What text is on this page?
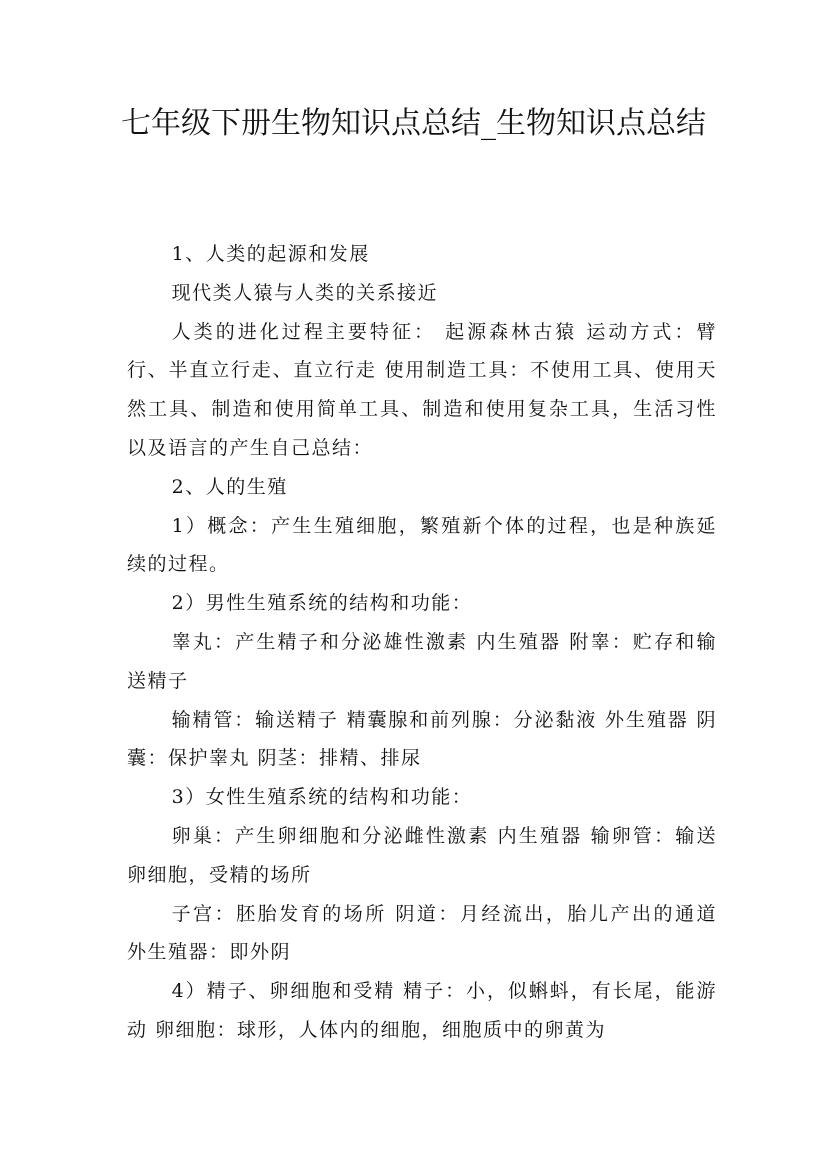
七年级下册生物知识点总结_生物知识点总结

1、人类的起源和发展

现代类人猿与人类的关系接近

人类的进化过程主要特征： 起源森林古猿 运动方式：臂行、半直立行走、直立行走 使用制造工具：不使用工具、使用天然工具、制造和使用简单工具、制造和使用复杂工具，生活习性以及语言的产生自己总结：

2、人的生殖

1）概念：产生生殖细胞，繁殖新个体的过程，也是种族延续的过程。

2）男性生殖系统的结构和功能：

睾丸：产生精子和分泌雄性激素 内生殖器 附睾：贮存和输送精子

输精管：输送精子 精囊腺和前列腺：分泌黏液 外生殖器 阴囊：保护睾丸 阴茎：排精、排尿

3）女性生殖系统的结构和功能：

卵巢：产生卵细胞和分泌雌性激素 内生殖器 输卵管：输送卵细胞，受精的场所

子宫：胚胎发育的场所 阴道：月经流出，胎儿产出的通道 外生殖器：即外阴

4）精子、卵细胞和受精 精子：小，似蝌蚪，有长尾，能游动 卵细胞：球形，人体内的细胞，细胞质中的卵黄为
